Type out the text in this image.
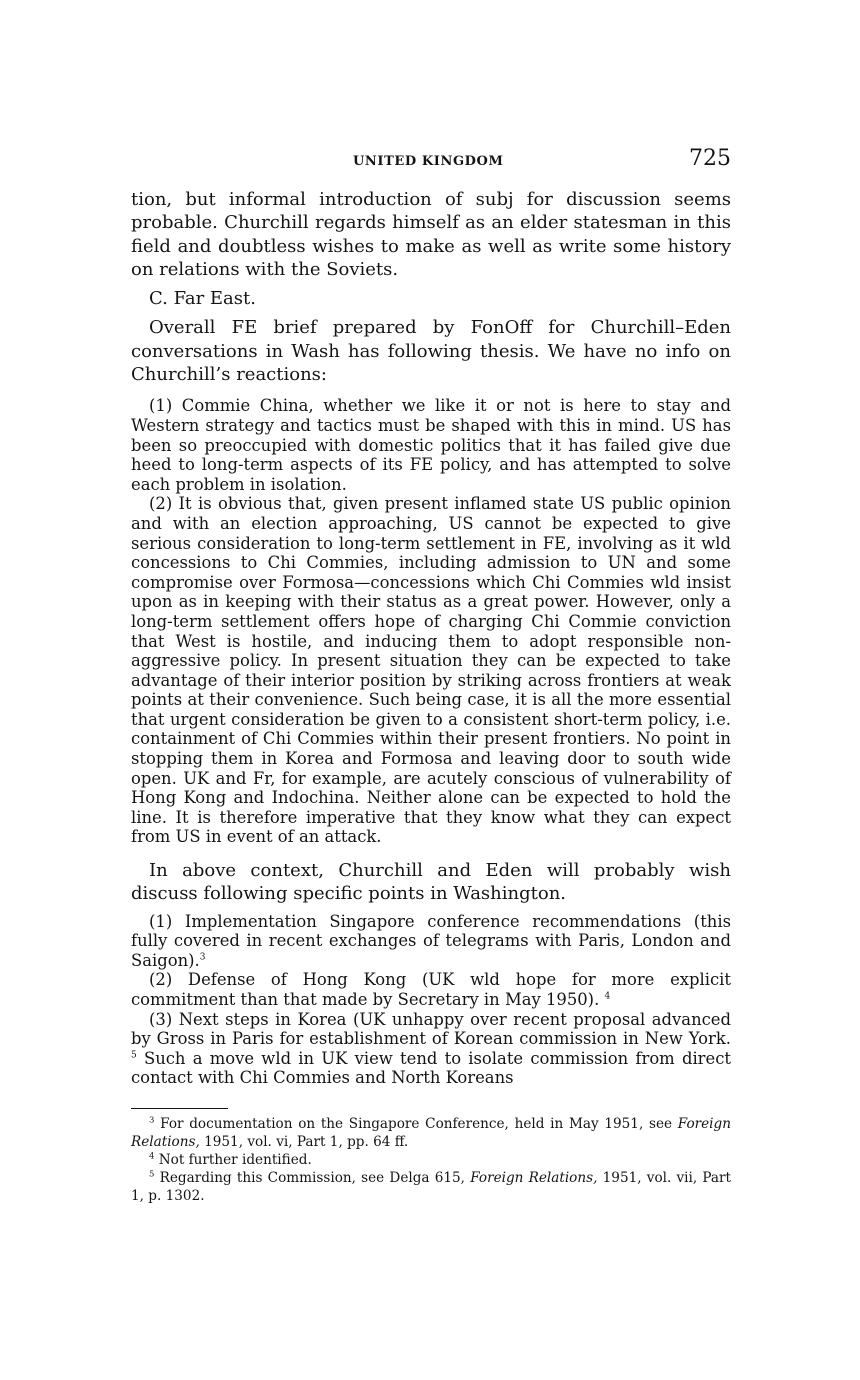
UNITED KINGDOM	725

tion, but informal introduction of subj for discussion seems probable. Churchill regards himself as an elder statesman in this field and doubtless wishes to make as well as write some history on relations with the Soviets.

C. Far East.

Overall FE brief prepared by FonOff for Churchill–Eden conversations in Wash has following thesis. We have no info on Churchill’s reactions:

(1) Commie China, whether we like it or not is here to stay and Western strategy and tactics must be shaped with this in mind. US has been so preoccupied with domestic politics that it has failed give due heed to long-term aspects of its FE policy, and has attempted to solve each problem in isolation.

(2) It is obvious that, given present inflamed state US public opinion and with an election approaching, US cannot be expected to give serious consideration to long-term settlement in FE, involving as it wld concessions to Chi Commies, including admission to UN and some compromise over Formosa—concessions which Chi Commies wld insist upon as in keeping with their status as a great power. However, only a long-term settlement offers hope of charging Chi Commie conviction that West is hostile, and inducing them to adopt responsible non-aggressive policy. In present situation they can be expected to take advantage of their interior position by striking across frontiers at weak points at their convenience. Such being case, it is all the more essential that urgent consideration be given to a consistent short-term policy, i.e. containment of Chi Commies within their present frontiers. No point in stopping them in Korea and Formosa and leaving door to south wide open. UK and Fr, for example, are acutely conscious of vulnerability of Hong Kong and Indochina. Neither alone can be expected to hold the line. It is therefore imperative that they know what they can expect from US in event of an attack.

In above context, Churchill and Eden will probably wish discuss following specific points in Washington.

(1) Implementation Singapore conference recommendations (this fully covered in recent exchanges of telegrams with Paris, London and Saigon).$^3$

(2) Defense of Hong Kong (UK wld hope for more explicit commitment than that made by Secretary in May 1950). $^4$

(3) Next steps in Korea (UK unhappy over recent proposal advanced by Gross in Paris for establishment of Korean commission in New York. $^5$ Such a move wld in UK view tend to isolate commission from direct contact with Chi Commies and North Koreans

$^3$ For documentation on the Singapore Conference, held in May 1951, see Foreign Relations, 1951, vol. vi, Part 1, pp. 64 ff.

$^4$ Not further identified.

$^5$ Regarding this Commission, see Delga 615, Foreign Relations, 1951, vol. vii, Part 1, p. 1302.
